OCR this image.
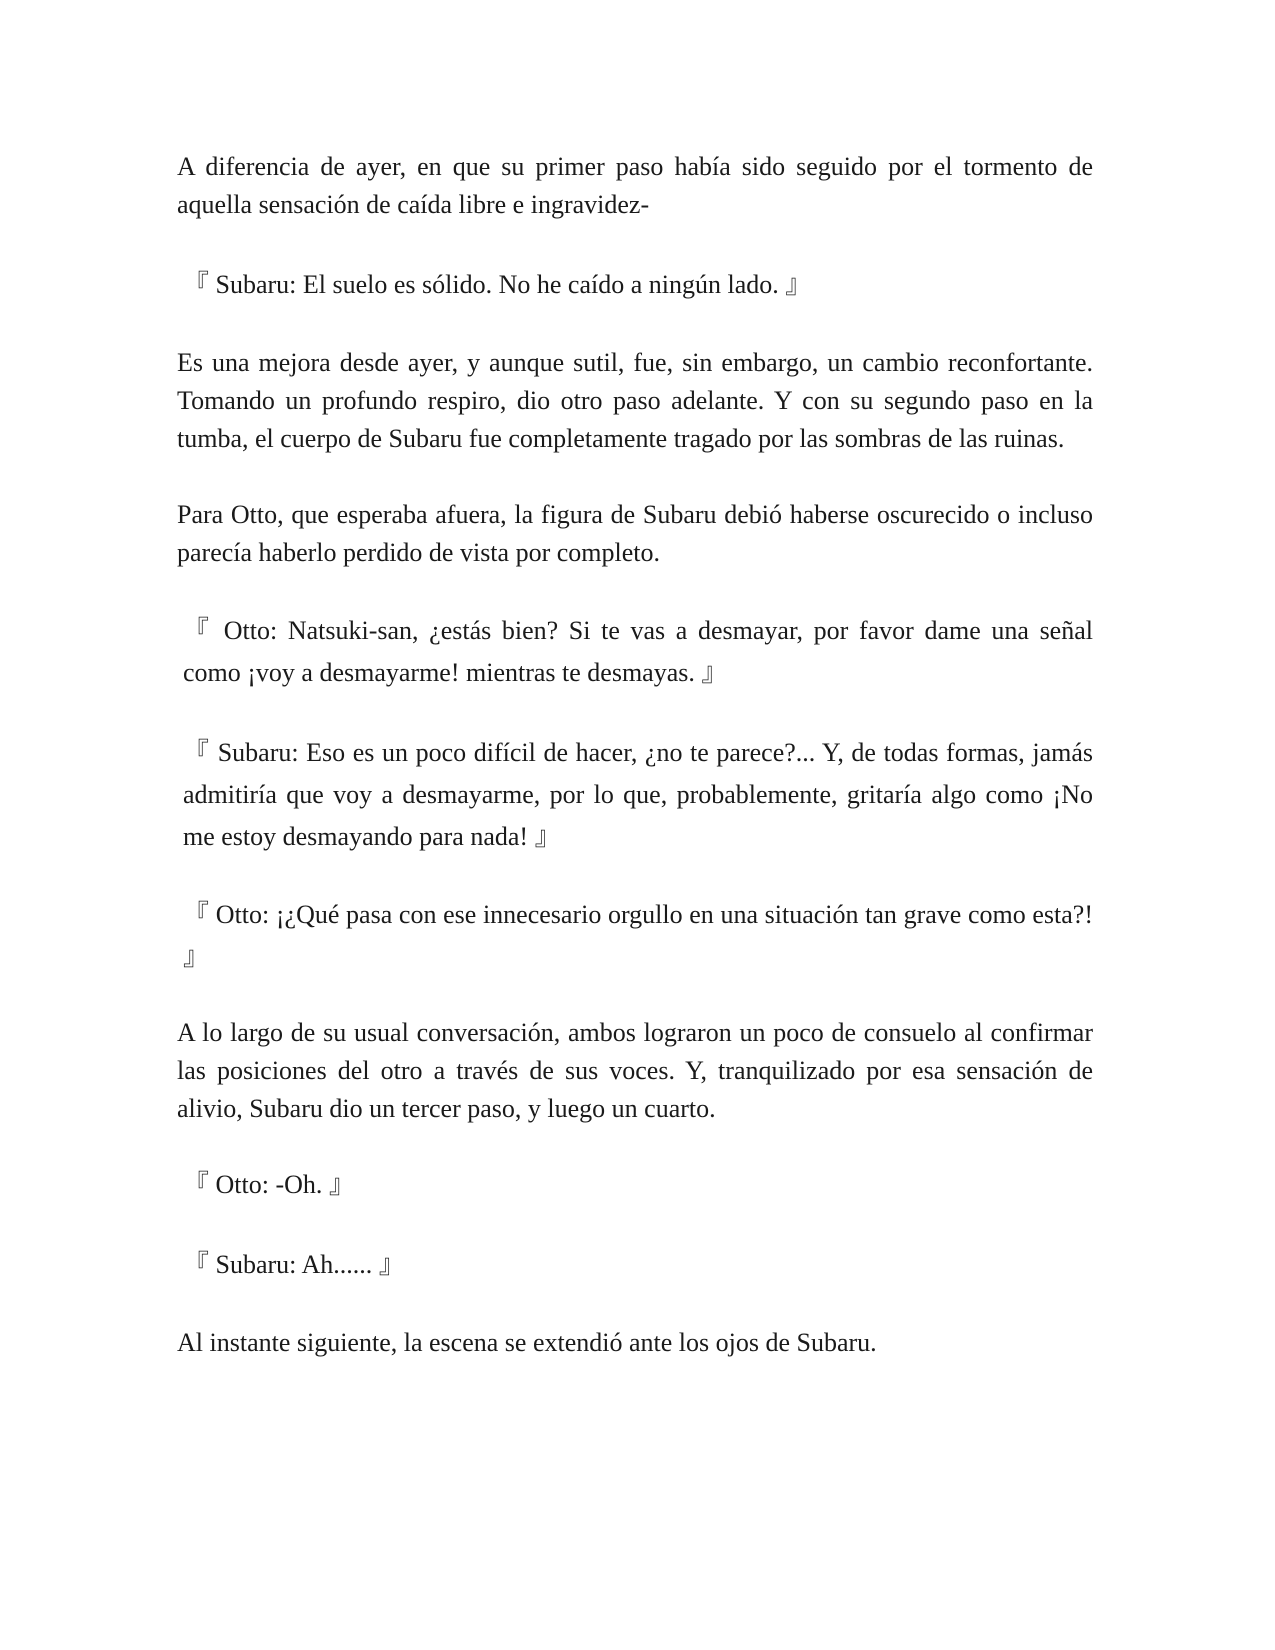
A diferencia de ayer, en que su primer paso había sido seguido por el tormento de aquella sensación de caída libre e ingravidez-

『 Subaru: El suelo es sólido. No he caído a ningún lado. 』

Es una mejora desde ayer, y aunque sutil, fue, sin embargo, un cambio reconfortante. Tomando un profundo respiro, dio otro paso adelante. Y con su segundo paso en la tumba, el cuerpo de Subaru fue completamente tragado por las sombras de las ruinas.

Para Otto, que esperaba afuera, la figura de Subaru debió haberse oscurecido o incluso parecía haberlo perdido de vista por completo.

『 Otto: Natsuki-san, ¿estás bien? Si te vas a desmayar, por favor dame una señal como ¡voy a desmayarme! mientras te desmayas. 』

『 Subaru: Eso es un poco difícil de hacer, ¿no te parece?... Y, de todas formas, jamás admitiría que voy a desmayarme, por lo que, probablemente, gritaría algo como ¡No me estoy desmayando para nada! 』

『 Otto: ¡¿Qué pasa con ese innecesario orgullo en una situación tan grave como esta?! 』

A lo largo de su usual conversación, ambos lograron un poco de consuelo al confirmar las posiciones del otro a través de sus voces. Y, tranquilizado por esa sensación de alivio, Subaru dio un tercer paso, y luego un cuarto.

『 Otto: -Oh. 』

『 Subaru: Ah...... 』

Al instante siguiente, la escena se extendió ante los ojos de Subaru.
